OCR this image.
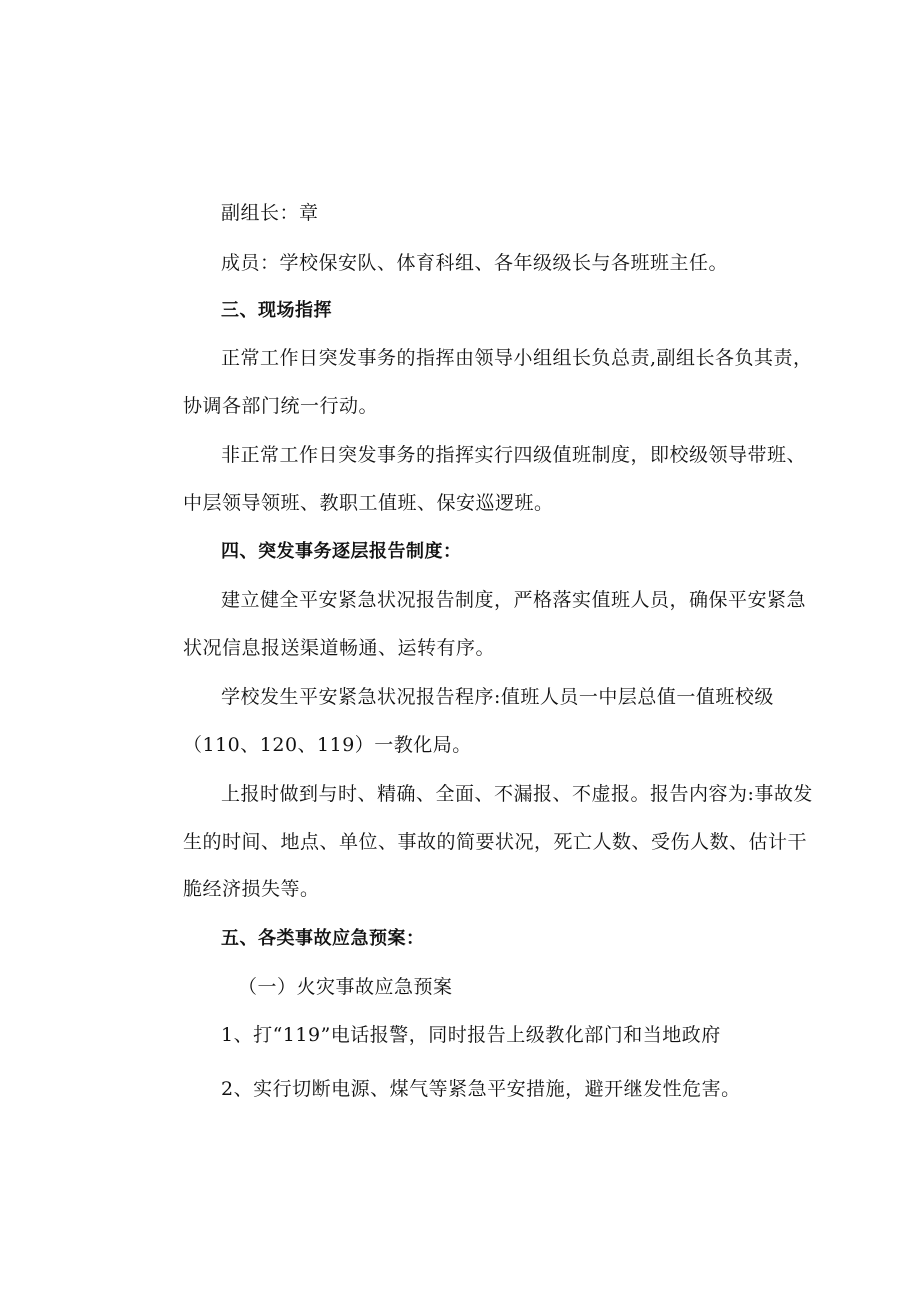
副组长：章
成员：学校保安队、体育科组、各年级级长与各班班主任。
三、现场指挥
正常工作日突发事务的指挥由领导小组组长负总责,副组长各负其责，
协调各部门统一行动。
非正常工作日突发事务的指挥实行四级值班制度，即校级领导带班、
中层领导领班、教职工值班、保安巡逻班。
四、突发事务逐层报告制度：
建立健全平安紧急状况报告制度，严格落实值班人员，确保平安紧急
状况信息报送渠道畅通、运转有序。
学校发生平安紧急状况报告程序:值班人员一中层总值一值班校级
（110、120、119）一教化局。
上报时做到与时、精确、全面、不漏报、不虚报。报告内容为:事故发
生的时间、地点、单位、事故的简要状况，死亡人数、受伤人数、估计干
脆经济损失等。
五、各类事故应急预案：
（一）火灾事故应急预案
1、打“119”电话报警，同时报告上级教化部门和当地政府
2、实行切断电源、煤气等紧急平安措施，避开继发性危害。
